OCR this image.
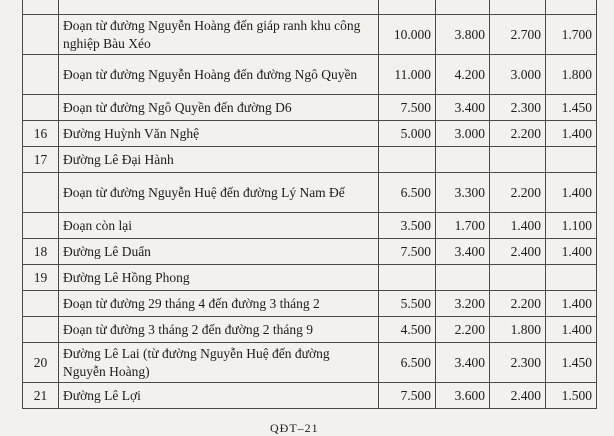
	Đoạn từ đường Nguyễn Hoàng đến giáp ranh khu công nghiệp Bàu Xéo	10.000	3.800	2.700	1.700
	Đoạn từ đường Nguyễn Hoàng đến đường Ngô Quyền	11.000	4.200	3.000	1.800
	Đoạn từ đường Ngô Quyền đến đường D6	7.500	3.400	2.300	1.450
16	Đường Huỳnh Văn Nghệ	5.000	3.000	2.200	1.400
17	Đường Lê Đại Hành				
	Đoạn từ đường Nguyễn Huệ đến đường Lý Nam Đế	6.500	3.300	2.200	1.400
	Đoạn còn lại	3.500	1.700	1.400	1.100
18	Đường Lê Duẩn	7.500	3.400	2.400	1.400
19	Đường Lê Hồng Phong				
	Đoạn từ đường 29 tháng 4 đến đường 3 tháng 2	5.500	3.200	2.200	1.400
	Đoạn từ đường 3 tháng 2 đến đường 2 tháng 9	4.500	2.200	1.800	1.400
20	Đường Lê Lai (từ đường Nguyễn Huệ đến đường Nguyễn Hoàng)	6.500	3.400	2.300	1.450
21	Đường Lê Lợi	7.500	3.600	2.400	1.500
QĐT–21
